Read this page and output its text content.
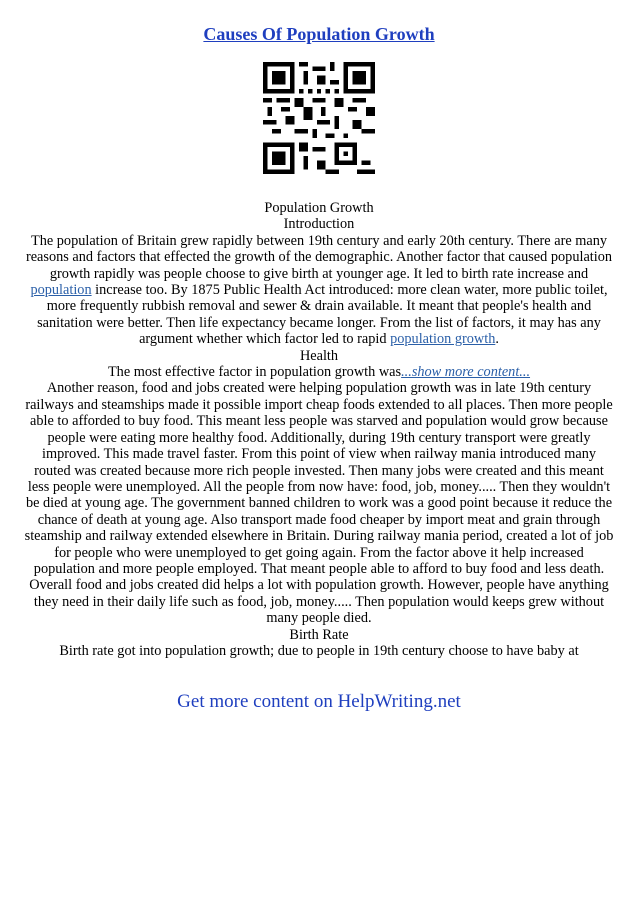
Causes Of Population Growth

Population Growth

Introduction

The population of Britain grew rapidly between 19th century and early 20th century. There are many reasons and factors that effected the growth of the demographic. Another factor that caused population growth rapidly was people choose to give birth at younger age. It led to birth rate increase and population increase too. By 1875 Public Health Act introduced: more clean water, more public toilet, more frequently rubbish removal and sewer & drain available. It meant that people's health and sanitation were better. Then life expectancy became longer. From the list of factors, it may has any argument whether which factor led to rapid population growth.

Health

The most effective factor in population growth was...show more content...

Another reason, food and jobs created were helping population growth was in late 19th century railways and steamships made it possible import cheap foods extended to all places. Then more people able to afforded to buy food. This meant less people was starved and population would grow because people were eating more healthy food. Additionally, during 19th century transport were greatly improved. This made travel faster. From this point of view when railway mania introduced many routed was created because more rich people invested. Then many jobs were created and this meant less people were unemployed. All the people from now have: food, job, money..... Then they wouldn't be died at young age. The government banned children to work was a good point because it reduce the chance of death at young age. Also transport made food cheaper by import meat and grain through steamship and railway extended elsewhere in Britain. During railway mania period, created a lot of job for people who were unemployed to get going again. From the factor above it help increased population and more people employed. That meant people able to afford to buy food and less death. Overall food and jobs created did helps a lot with population growth. However, people have anything they need in their daily life such as food, job, money..... Then population would keeps grew without many people died.

Birth Rate

Birth rate got into population growth; due to people in 19th century choose to have baby at

Get more content on HelpWriting.net
